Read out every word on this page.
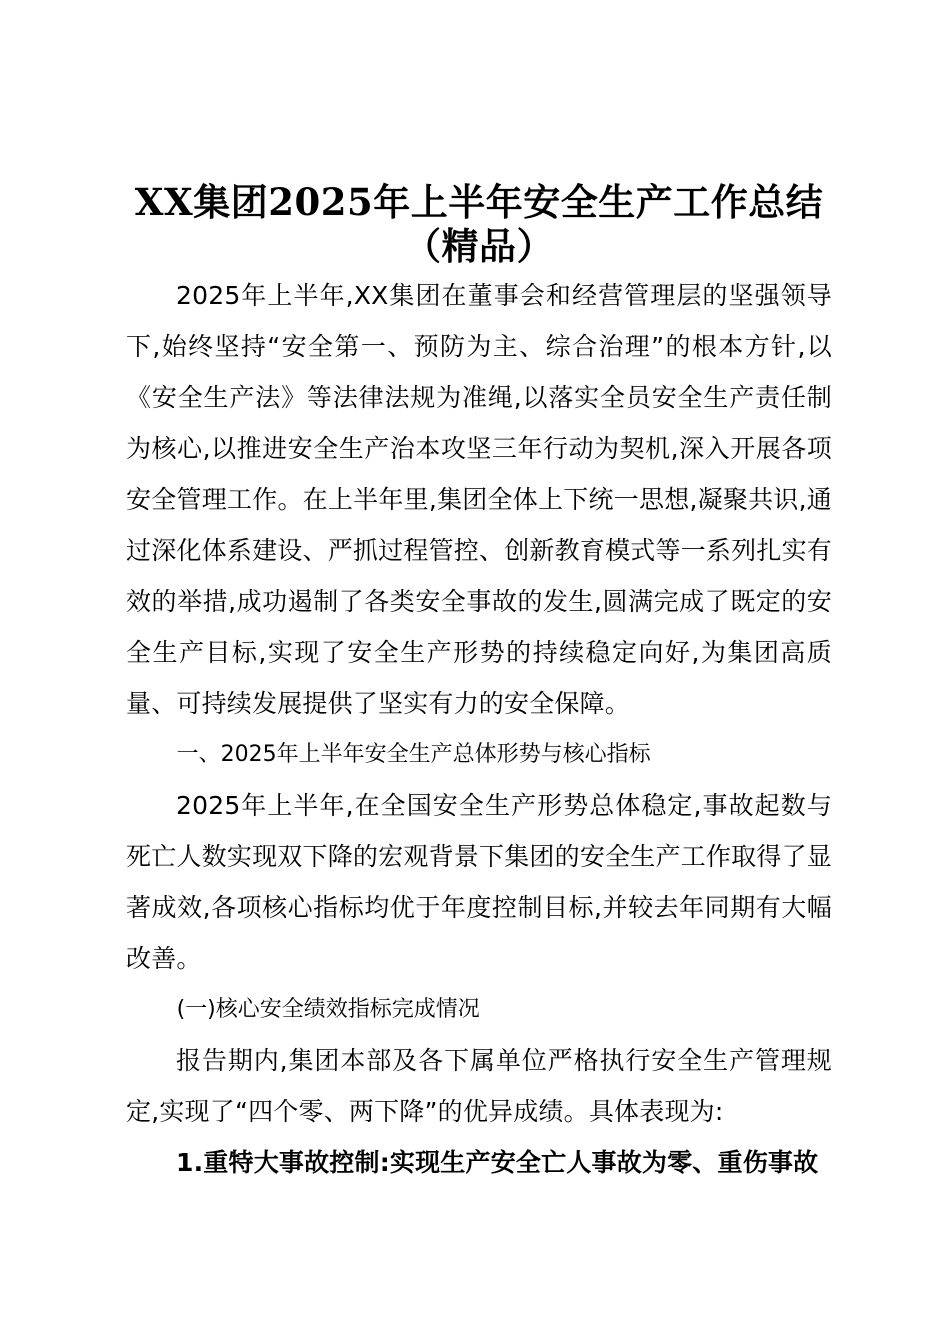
XX集团2025年上半年安全生产工作总结（精品）

2025年上半年,XX集团在董事会和经营管理层的坚强领导下,始终坚持“安全第一、预防为主、综合治理”的根本方针,以《安全生产法》等法律法规为准绳,以落实全员安全生产责任制为核心,以推进安全生产治本攻坚三年行动为契机,深入开展各项安全管理工作。在上半年里,集团全体上下统一思想,凝聚共识,通过深化体系建设、严抓过程管控、创新教育模式等一系列扎实有效的举措,成功遏制了各类安全事故的发生,圆满完成了既定的安全生产目标,实现了安全生产形势的持续稳定向好,为集团高质量、可持续发展提供了坚实有力的安全保障。

一、2025年上半年安全生产总体形势与核心指标

2025年上半年,在全国安全生产形势总体稳定,事故起数与死亡人数实现双下降的宏观背景下集团的安全生产工作取得了显著成效,各项核心指标均优于年度控制目标,并较去年同期有大幅改善。

(一)核心安全绩效指标完成情况

报告期内,集团本部及各下属单位严格执行安全生产管理规定,实现了“四个零、两下降”的优异成绩。具体表现为:

1.重特大事故控制:实现生产安全亡人事故为零、重伤事故
